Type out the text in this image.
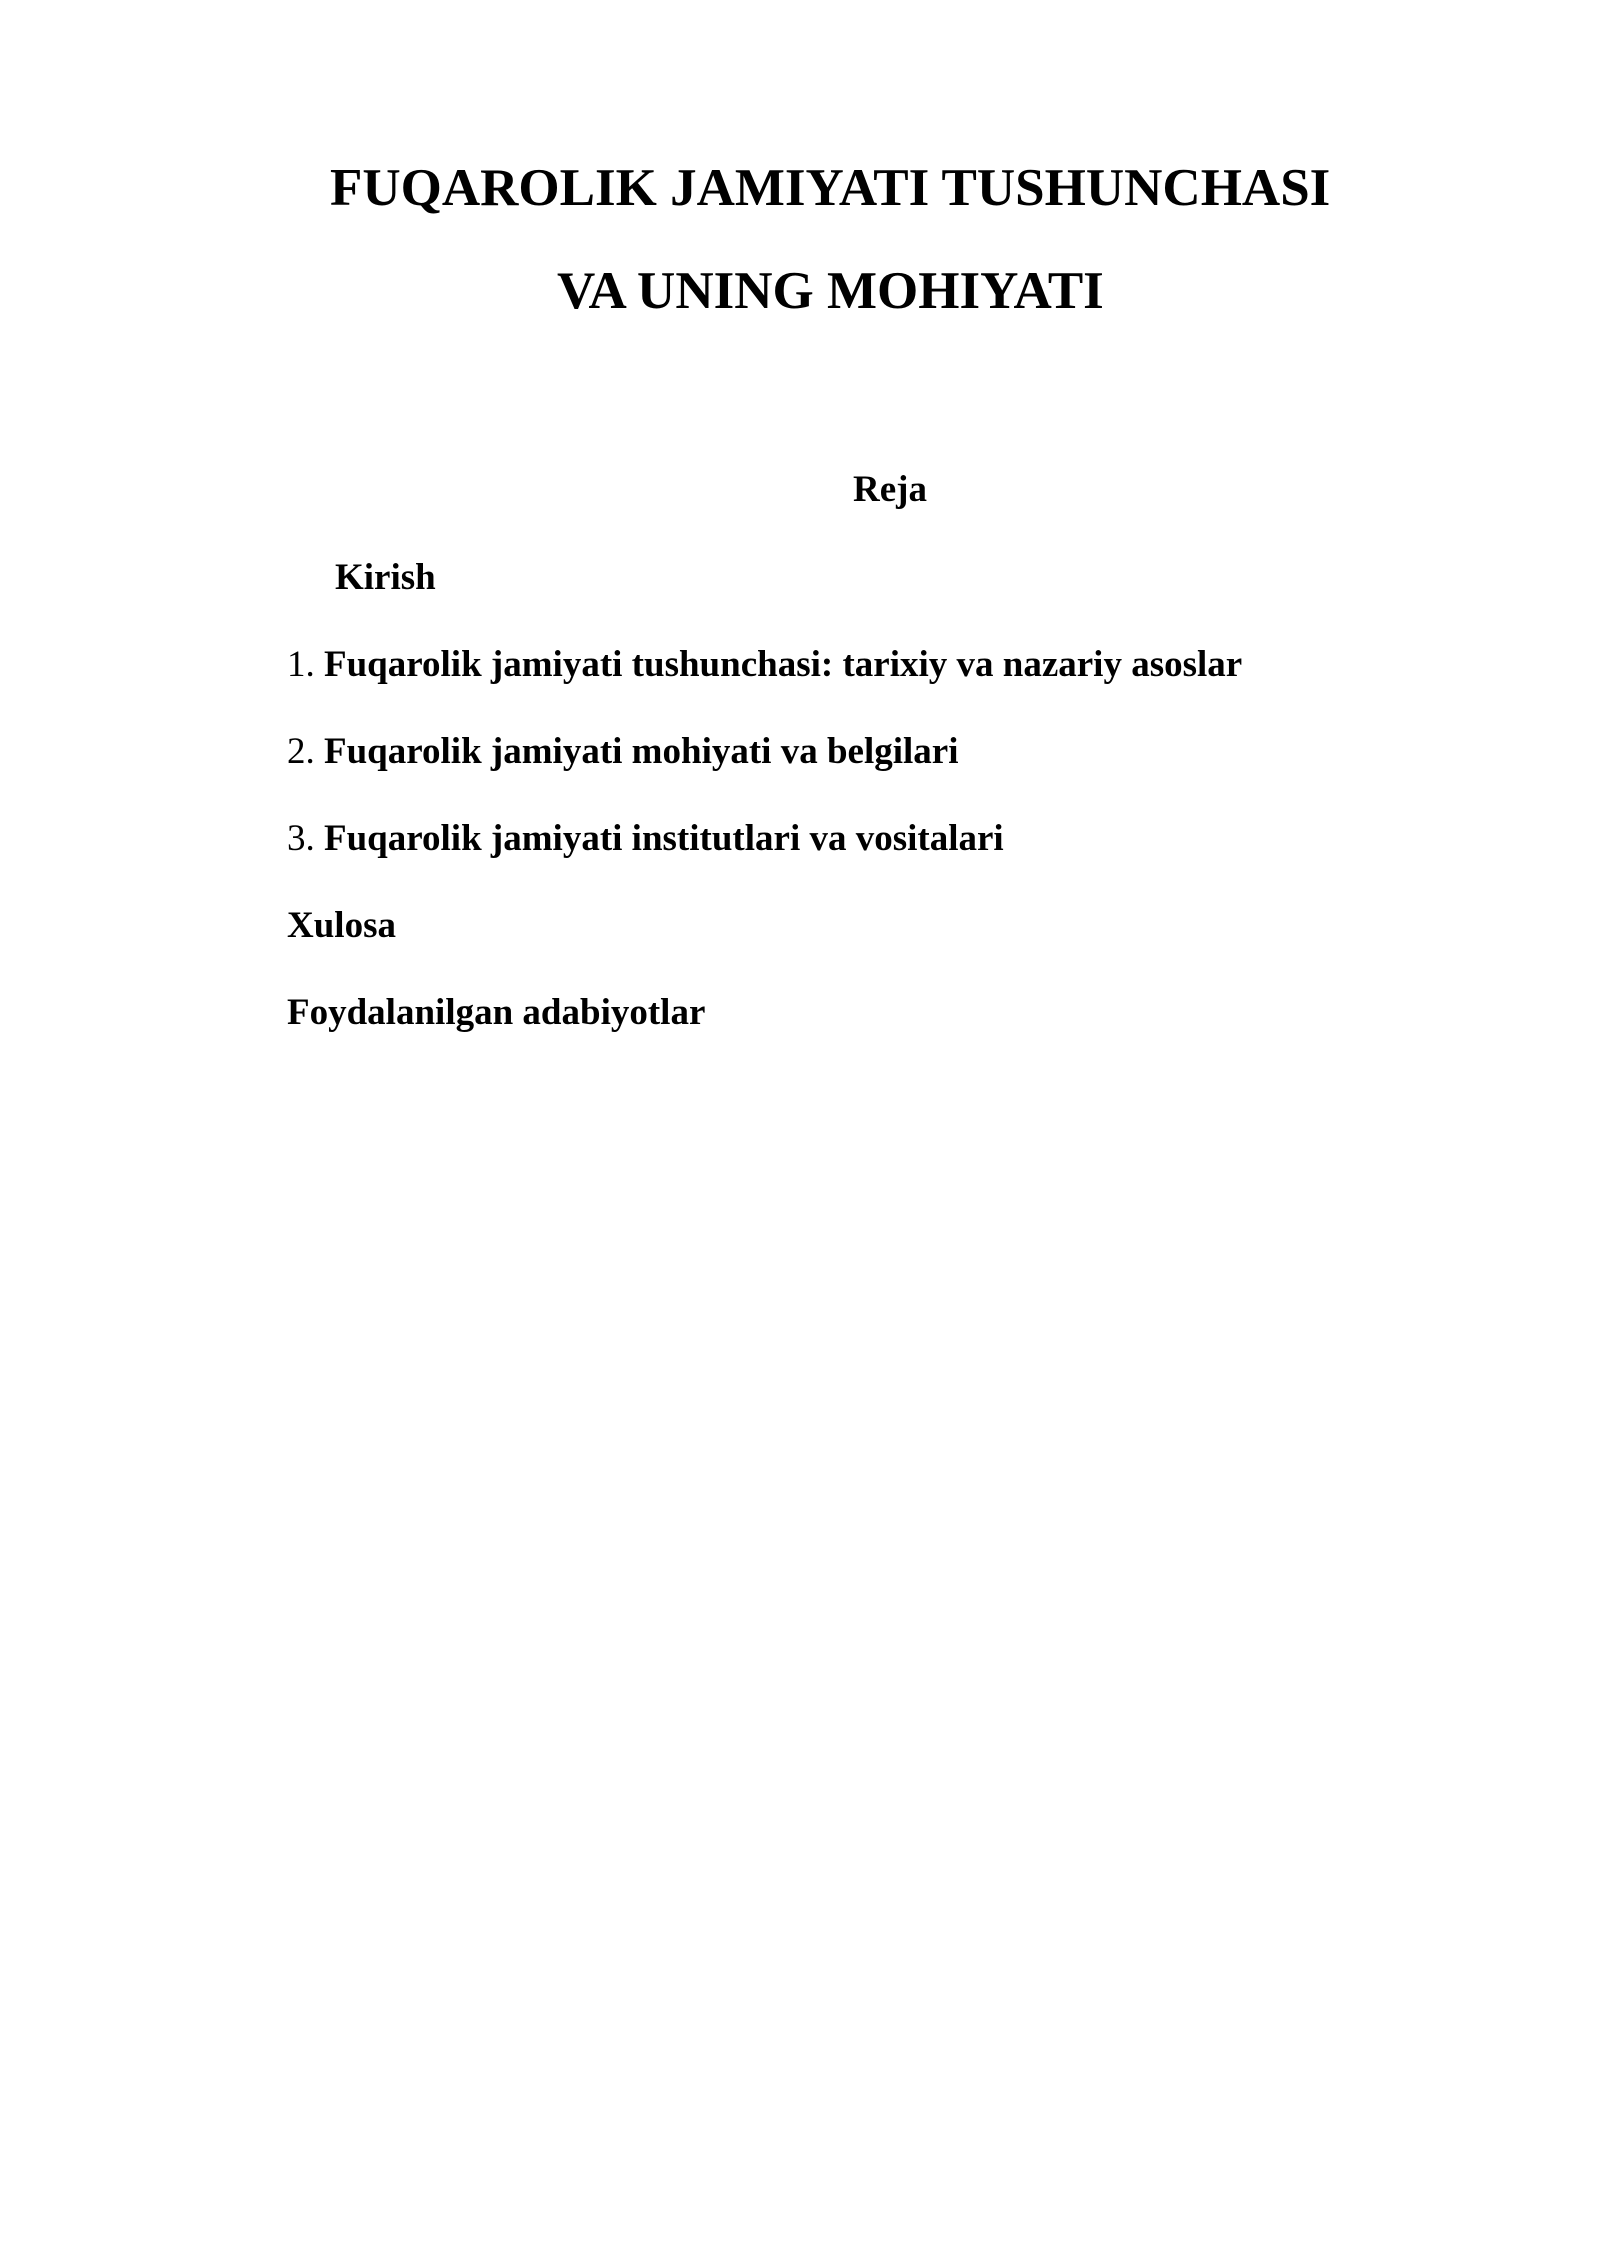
FUQAROLIK JAMIYATI TUSHUNCHASI
VA UNING MOHIYATI
Reja
Kirish
1. Fuqarolik jamiyati tushunchasi: tarixiy va nazariy asoslar
2. Fuqarolik jamiyati mohiyati va belgilari
3. Fuqarolik jamiyati institutlari va vositalari
Xulosa
Foydalanilgan adabiyotlar
